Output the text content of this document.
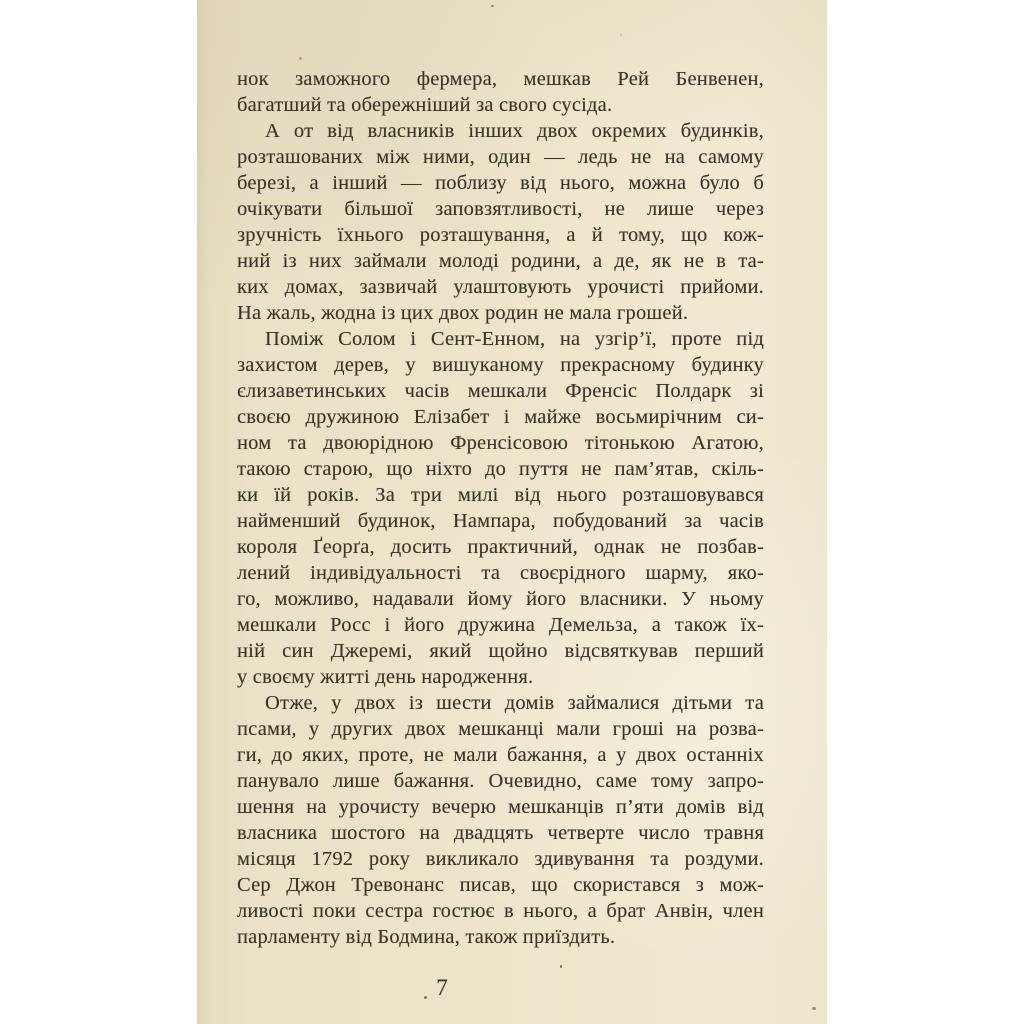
нок заможного фермера, мешкав Рей Бенвенен,
багатший та обережніший за свого сусіда.
А от від власників інших двох окремих будинків,
розташованих між ними, один — ледь не на самому
березі, а інший — поблизу від нього, можна було б
очікувати більшої заповзятливості, не лише через
зручність їхнього розташування, а й тому, що кож-
ний із них займали молоді родини, а де, як не в та-
ких домах, зазвичай улаштовують урочисті прийоми.
На жаль, жодна із цих двох родин не мала грошей.
Поміж Солом і Сент-Енном, на узгір’ї, проте під
захистом дерев, у вишуканому прекрасному будинку
єлизаветинських часів мешкали Френсіс Полдарк зі
своєю дружиною Елізабет і майже восьмирічним си-
ном та двоюрідною Френсісовою тітонькою Агатою,
такою старою, що ніхто до пуття не пам’ятав, скіль-
ки їй років. За три милі від нього розташовувався
найменший будинок, Нампара, побудований за часів
короля Ґеорґа, досить практичний, однак не позбав-
лений індивідуальності та своєрідного шарму, яко-
го, можливо, надавали йому його власники. У ньому
мешкали Росс і його дружина Демельза, а також їх-
ній син Джеремі, який щойно відсвяткував перший
у своєму житті день народження.
Отже, у двох із шести домів займалися дітьми та
псами, у других двох мешканці мали гроші на розва-
ги, до яких, проте, не мали бажання, а у двох останніх
панувало лише бажання. Очевидно, саме тому запро-
шення на урочисту вечерю мешканців п’яти домів від
власника шостого на двадцять четверте число травня
місяця 1792 року викликало здивування та роздуми.
Сер Джон Тревонанс писав, що скористався з мож-
ливості поки сестра гостює в нього, а брат Анвін, член
парламенту від Бодмина, також приїздить.
7
